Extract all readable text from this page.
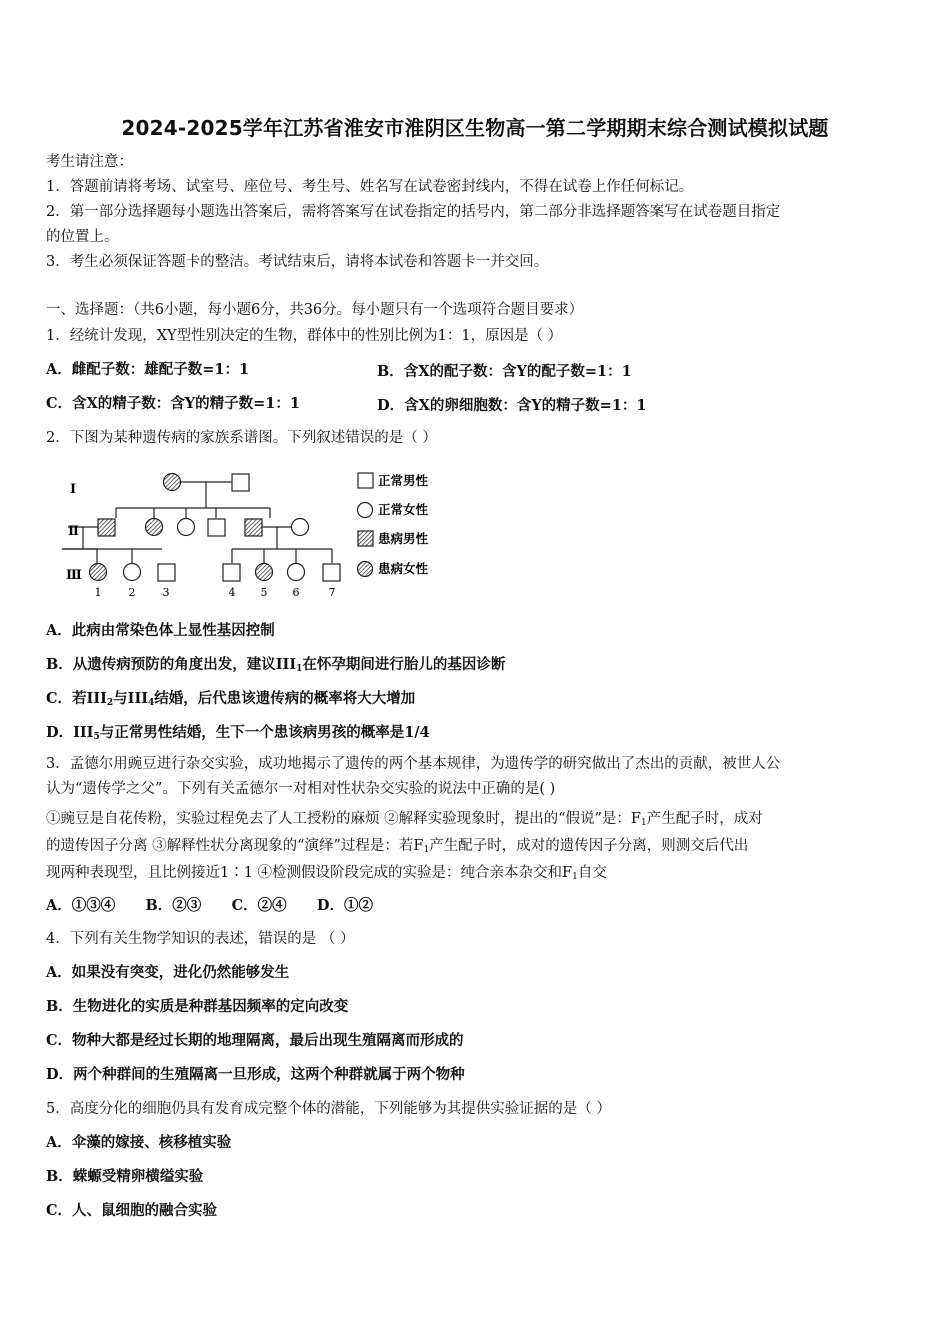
2024-2025学年江苏省淮安市淮阴区生物高一第二学期期末综合测试模拟试题
考生请注意：
1．答题前请将考场、试室号、座位号、考生号、姓名写在试卷密封线内，不得在试卷上作任何标记。
2．第一部分选择题每小题选出答案后，需将答案写在试卷指定的括号内，第二部分非选择题答案写在试卷题目指定
的位置上。
3．考生必须保证答题卡的整洁。考试结束后，请将本试卷和答题卡一并交回。
一、选择题：（共6小题，每小题6分，共36分。每小题只有一个选项符合题目要求）
1．经统计发现，XY型性别决定的生物，群体中的性别比例为1：1，原因是（ ）
A．雌配子数：雄配子数=1：1	B．含X的配子数：含Y的配子数=1：1
C．含X的精子数：含Y的精子数=1：1	D．含X的卵细胞数：含Y的精子数=1：1
2．下图为某种遗传病的家族系谱图。下列叙述错误的是（ ）
Ⅰ
Ⅱ
Ⅲ
1 2 3	4 5 6	7
正常男性
正常女性
患病男性
患病女性
A．此病由常染色体上显性基因控制
B．从遗传病预防的角度出发，建议$III_1$在怀孕期间进行胎儿的基因诊断
C．若$III_2$与$III_4$结婚，后代患该遗传病的概率将大大增加
D．$III_5$与正常男性结婚，生下一个患该病男孩的概率是1/4
3．孟德尔用豌豆进行杂交实验，成功地揭示了遗传的两个基本规律，为遗传学的研究做出了杰出的贡献，被世人公
认为“遗传学之父”。下列有关孟德尔一对相对性状杂交实验的说法中正确的是( )
①豌豆是自花传粉，实验过程免去了人工授粉的麻烦 ②解释实验现象时，提出的“假说”是：$F_1$产生配子时，成对
的遗传因子分离 ③解释性状分离现象的“演绎”过程是：若$F_1$产生配子时，成对的遗传因子分离，则测交后代出
现两种表现型，且比例接近1∶1 ④检测假设阶段完成的实验是：纯合亲本杂交和$F_1$自交
A．①③④      B．②③      C．②④      D．①②
4．下列有关生物学知识的表述，错误的是 （ ）
A．如果没有突变，进化仍然能够发生
B．生物进化的实质是种群基因频率的定向改变
C．物种大都是经过长期的地理隔离，最后出现生殖隔离而形成的
D．两个种群间的生殖隔离一旦形成，这两个种群就属于两个物种
5．高度分化的细胞仍具有发育成完整个体的潜能，下列能够为其提供实验证据的是（ ）
A．伞藻的嫁接、核移植实验
B．蝾螈受精卵横缢实验
C．人、鼠细胞的融合实验
